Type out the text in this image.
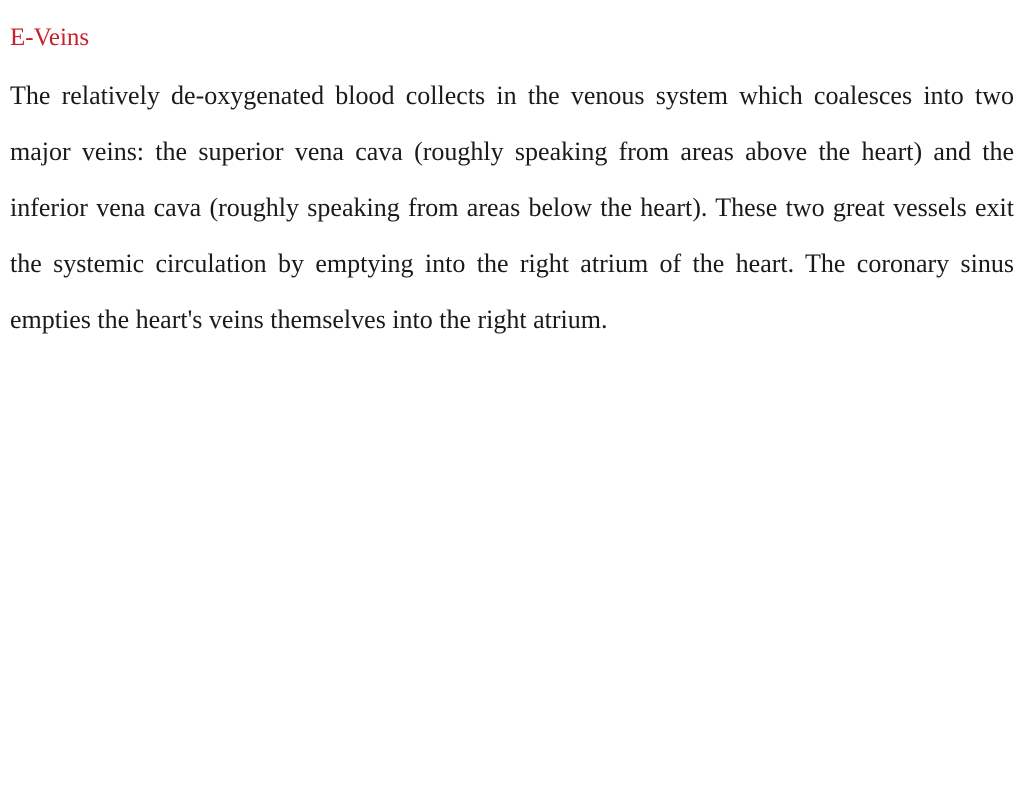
E-Veins

The relatively de-oxygenated blood collects in the venous system which coalesces into two major veins: the superior vena cava (roughly speaking from areas above the heart) and the inferior vena cava (roughly speaking from areas below the heart). These two great vessels exit the systemic circulation by emptying into the right atrium of the heart. The coronary sinus empties the heart's veins themselves into the right atrium.
